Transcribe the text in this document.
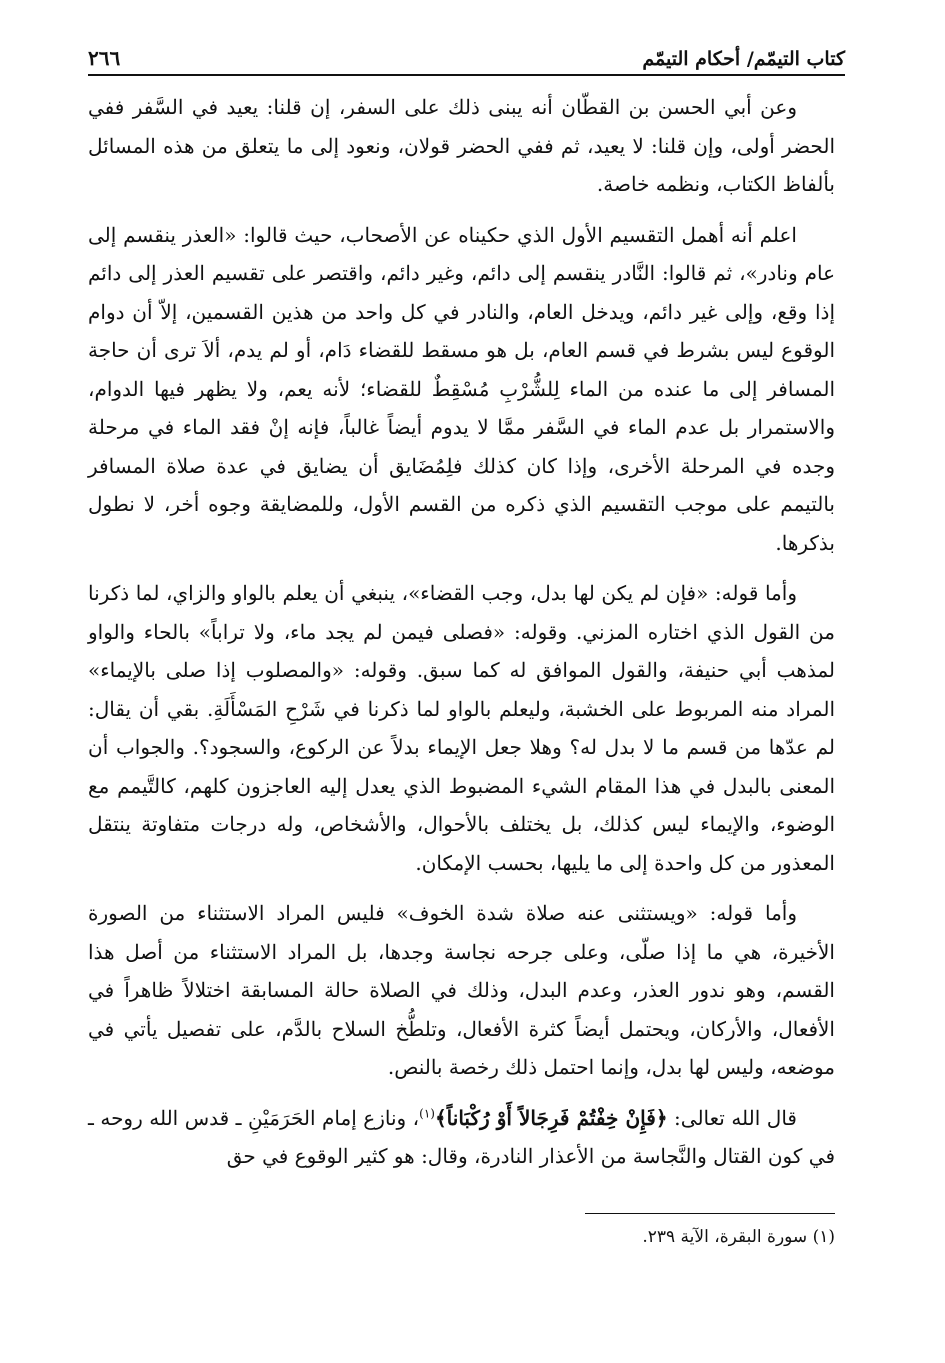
كتاب التيمّم/ أحكام التيمّم
٢٦٦

وعن أبي الحسن بن القطّان أنه يبنى ذلك على السفر، إن قلنا: يعيد في السَّفر ففي الحضر أولى، وإن قلنا: لا يعيد، ثم ففي الحضر قولان، ونعود إلى ما يتعلق من هذه المسائل بألفاظ الكتاب، ونظمه خاصة.

اعلم أنه أهمل التقسيم الأول الذي حكيناه عن الأصحاب، حيث قالوا: «العذر ينقسم إلى عام ونادر»، ثم قالوا: النَّادر ينقسم إلى دائم، وغير دائم، واقتصر على تقسيم العذر إلى دائم إذا وقع، وإلى غير دائم، ويدخل العام، والنادر في كل واحد من هذين القسمين، إلاّ أن دوام الوقوع ليس بشرط في قسم العام، بل هو مسقط للقضاء دَام، أو لم يدم، ألاَ ترى أن حاجة المسافر إلى ما عنده من الماء لِلشُّرْبِ مُسْقِطٌ للقضاء؛ لأنه يعم، ولا يظهر فيها الدوام، والاستمرار بل عدم الماء في السَّفر ممَّا لا يدوم أيضاً غالباً، فإنه إنْ فقد الماء في مرحلة وجده في المرحلة الأخرى، وإذا كان كذلك فلِمُضَايق أن يضايق في عدة صلاة المسافر بالتيمم على موجب التقسيم الذي ذكره من القسم الأول، وللمضايقة وجوه أخر، لا نطول بذكرها.

وأما قوله: «فإن لم يكن لها بدل، وجب القضاء»، ينبغي أن يعلم بالواو والزاي، لما ذكرنا من القول الذي اختاره المزني. وقوله: «فصلى فيمن لم يجد ماء، ولا تراباً» بالحاء والواو لمذهب أبي حنيفة، والقول الموافق له كما سبق. وقوله: «والمصلوب إذا صلى بالإيماء» المراد منه المربوط على الخشبة، وليعلم بالواو لما ذكرنا في شَرْحِ المَسْأَلَةِ. بقي أن يقال: لم عدّها من قسم ما لا بدل له؟ وهلا جعل الإيماء بدلاً عن الركوع، والسجود؟. والجواب أن المعنى بالبدل في هذا المقام الشيء المضبوط الذي يعدل إليه العاجزون كلهم، كالتَّيمم مع الوضوء، والإيماء ليس كذلك، بل يختلف بالأحوال، والأشخاص، وله درجات متفاوتة ينتقل المعذور من كل واحدة إلى ما يليها، بحسب الإمكان.

وأما قوله: «ويستثنى عنه صلاة شدة الخوف» فليس المراد الاستثناء من الصورة الأخيرة، هي ما إذا صلّى، وعلى جرحه نجاسة وجدها، بل المراد الاستثناء من أصل هذا القسم، وهو ندور العذر، وعدم البدل، وذلك في الصلاة حالة المسابقة اختلالاً ظاهراً في الأفعال، والأركان، ويحتمل أيضاً كثرة الأفعال، وتلطُّخ السلاح بالدَّم، على تفصيل يأتي في موضعه، وليس لها بدل، وإنما احتمل ذلك رخصة بالنص.

قال الله تعالى: ﴿فَإِنْ خِفْتُمْ فَرِجَالاً أَوْ رُكْبَاناً﴾$^{(١)}$، ونازع إمام الحَرَمَيْنِ ـ قدس الله روحه ـ في كون القتال والنَّجاسة من الأعذار النادرة، وقال: هو كثير الوقوع في حق

(١) سورة البقرة، الآية ٢٣٩.
